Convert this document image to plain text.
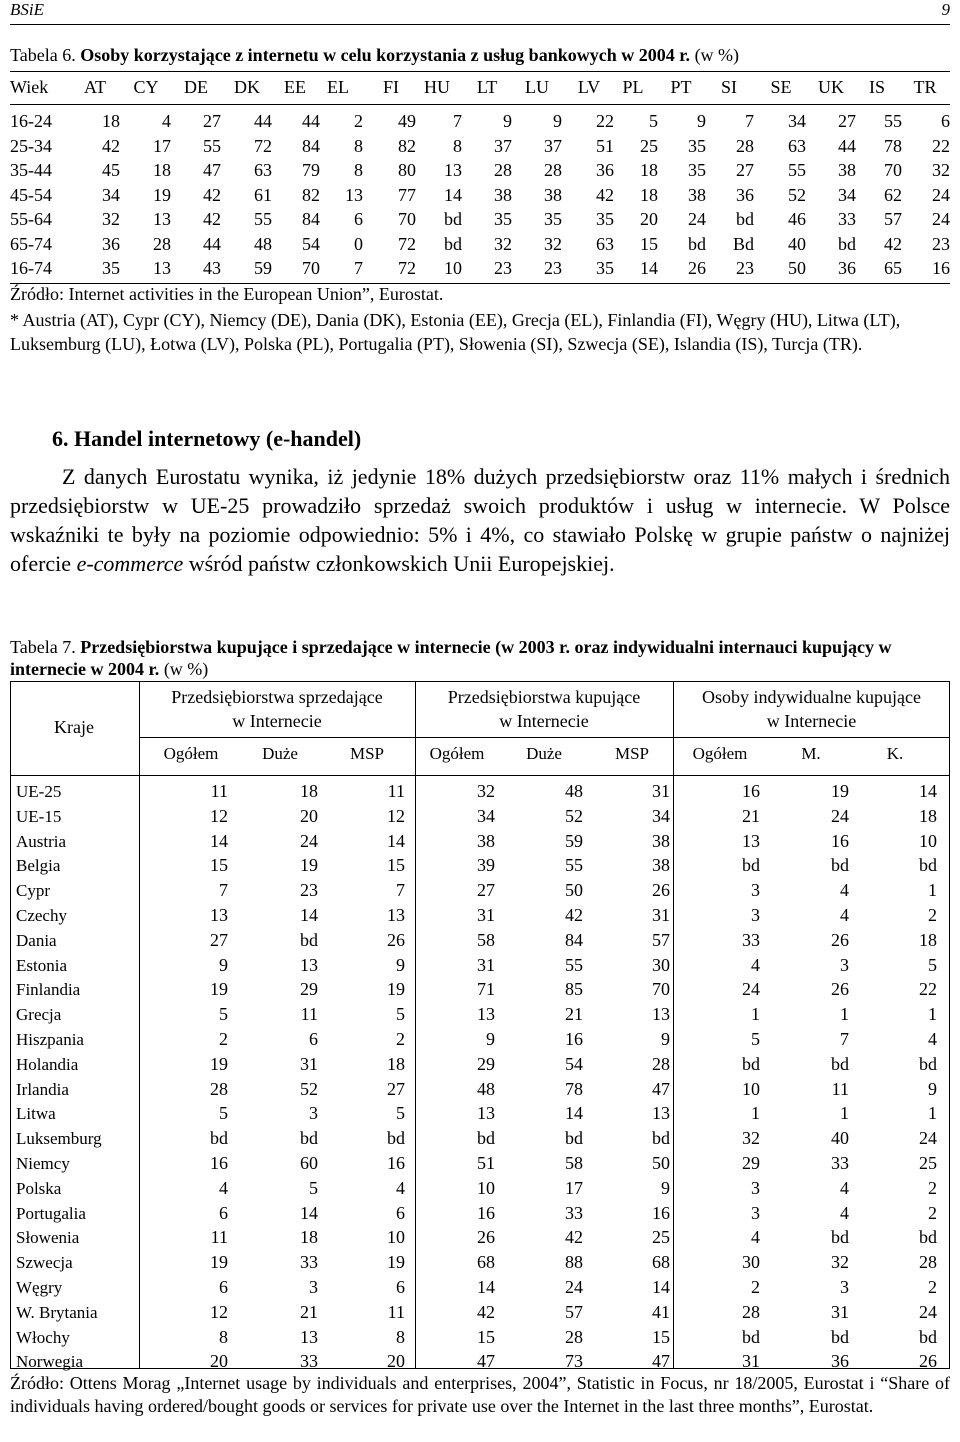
BSiE	9
Tabela 6. Osoby korzystające z internetu w celu korzystania z usług bankowych w 2004 r. (w %)
Wiek	AT	CY	DE	DK	EE	EL	FI	HU	LT	LU	LV	PL	PT	SI	SE	UK	IS	TR
16-24	18	4	27	44	44	2	49	7	9	9	22	5	9	7	34	27	55	6
25-34	42	17	55	72	84	8	82	8	37	37	51	25	35	28	63	44	78	22
35-44	45	18	47	63	79	8	80	13	28	28	36	18	35	27	55	38	70	32
45-54	34	19	42	61	82	13	77	14	38	38	42	18	38	36	52	34	62	24
55-64	32	13	42	55	84	6	70	bd	35	35	35	20	24	bd	46	33	57	24
65-74	36	28	44	48	54	0	72	bd	32	32	63	15	bd	Bd	40	bd	42	23
16-74	35	13	43	59	70	7	72	10	23	23	35	14	26	23	50	36	65	16
Źródło: Internet activities in the European Union”, Eurostat.
* Austria (AT), Cypr (CY), Niemcy (DE), Dania (DK), Estonia (EE), Grecja (EL), Finlandia (FI), Węgry (HU), Litwa (LT), Luksemburg (LU), Łotwa (LV), Polska (PL), Portugalia (PT), Słowenia (SI), Szwecja (SE), Islandia (IS), Turcja (TR).
6. Handel internetowy (e-handel)
Z danych Eurostatu wynika, iż jedynie 18% dużych przedsiębiorstw oraz 11% małych i średnich przedsiębiorstw w UE-25 prowadziło sprzedaż swoich produktów i usług w internecie. W Polsce wskaźniki te były na poziomie odpowiednio: 5% i 4%, co stawiało Polskę w grupie państw o najniżej ofercie e-commerce wśród państw członkowskich Unii Europejskiej.
Tabela 7. Przedsiębiorstwa kupujące i sprzedające w internecie (w 2003 r. oraz indywidualni internauci kupujący w internecie w 2004 r. (w %)
Kraje
Przedsiębiorstwa sprzedające
w Internecie
Przedsiębiorstwa kupujące
w Internecie
Osoby indywidualne kupujące
w Internecie
Ogółem	Duże	MSP	Ogółem	Duże	MSP	Ogółem	M.	K.
UE-25	11	18	11	32	48	31	16	19	14
UE-15	12	20	12	34	52	34	21	24	18
Austria	14	24	14	38	59	38	13	16	10
Belgia	15	19	15	39	55	38	bd	bd	bd
Cypr	7	23	7	27	50	26	3	4	1
Czechy	13	14	13	31	42	31	3	4	2
Dania	27	bd	26	58	84	57	33	26	18
Estonia	9	13	9	31	55	30	4	3	5
Finlandia	19	29	19	71	85	70	24	26	22
Grecja	5	11	5	13	21	13	1	1	1
Hiszpania	2	6	2	9	16	9	5	7	4
Holandia	19	31	18	29	54	28	bd	bd	bd
Irlandia	28	52	27	48	78	47	10	11	9
Litwa	5	3	5	13	14	13	1	1	1
Luksemburg	bd	bd	bd	bd	bd	bd	32	40	24
Niemcy	16	60	16	51	58	50	29	33	25
Polska	4	5	4	10	17	9	3	4	2
Portugalia	6	14	6	16	33	16	3	4	2
Słowenia	11	18	10	26	42	25	4	bd	bd
Szwecja	19	33	19	68	88	68	30	32	28
Węgry	6	3	6	14	24	14	2	3	2
W. Brytania	12	21	11	42	57	41	28	31	24
Włochy	8	13	8	15	28	15	bd	bd	bd
Norwegia	20	33	20	47	73	47	31	36	26
Źródło: Ottens Morag „Internet usage by individuals and enterprises, 2004”, Statistic in Focus, nr 18/2005, Eurostat i “Share of individuals having ordered/bought goods or services for private use over the Internet in the last three months”, Eurostat.
